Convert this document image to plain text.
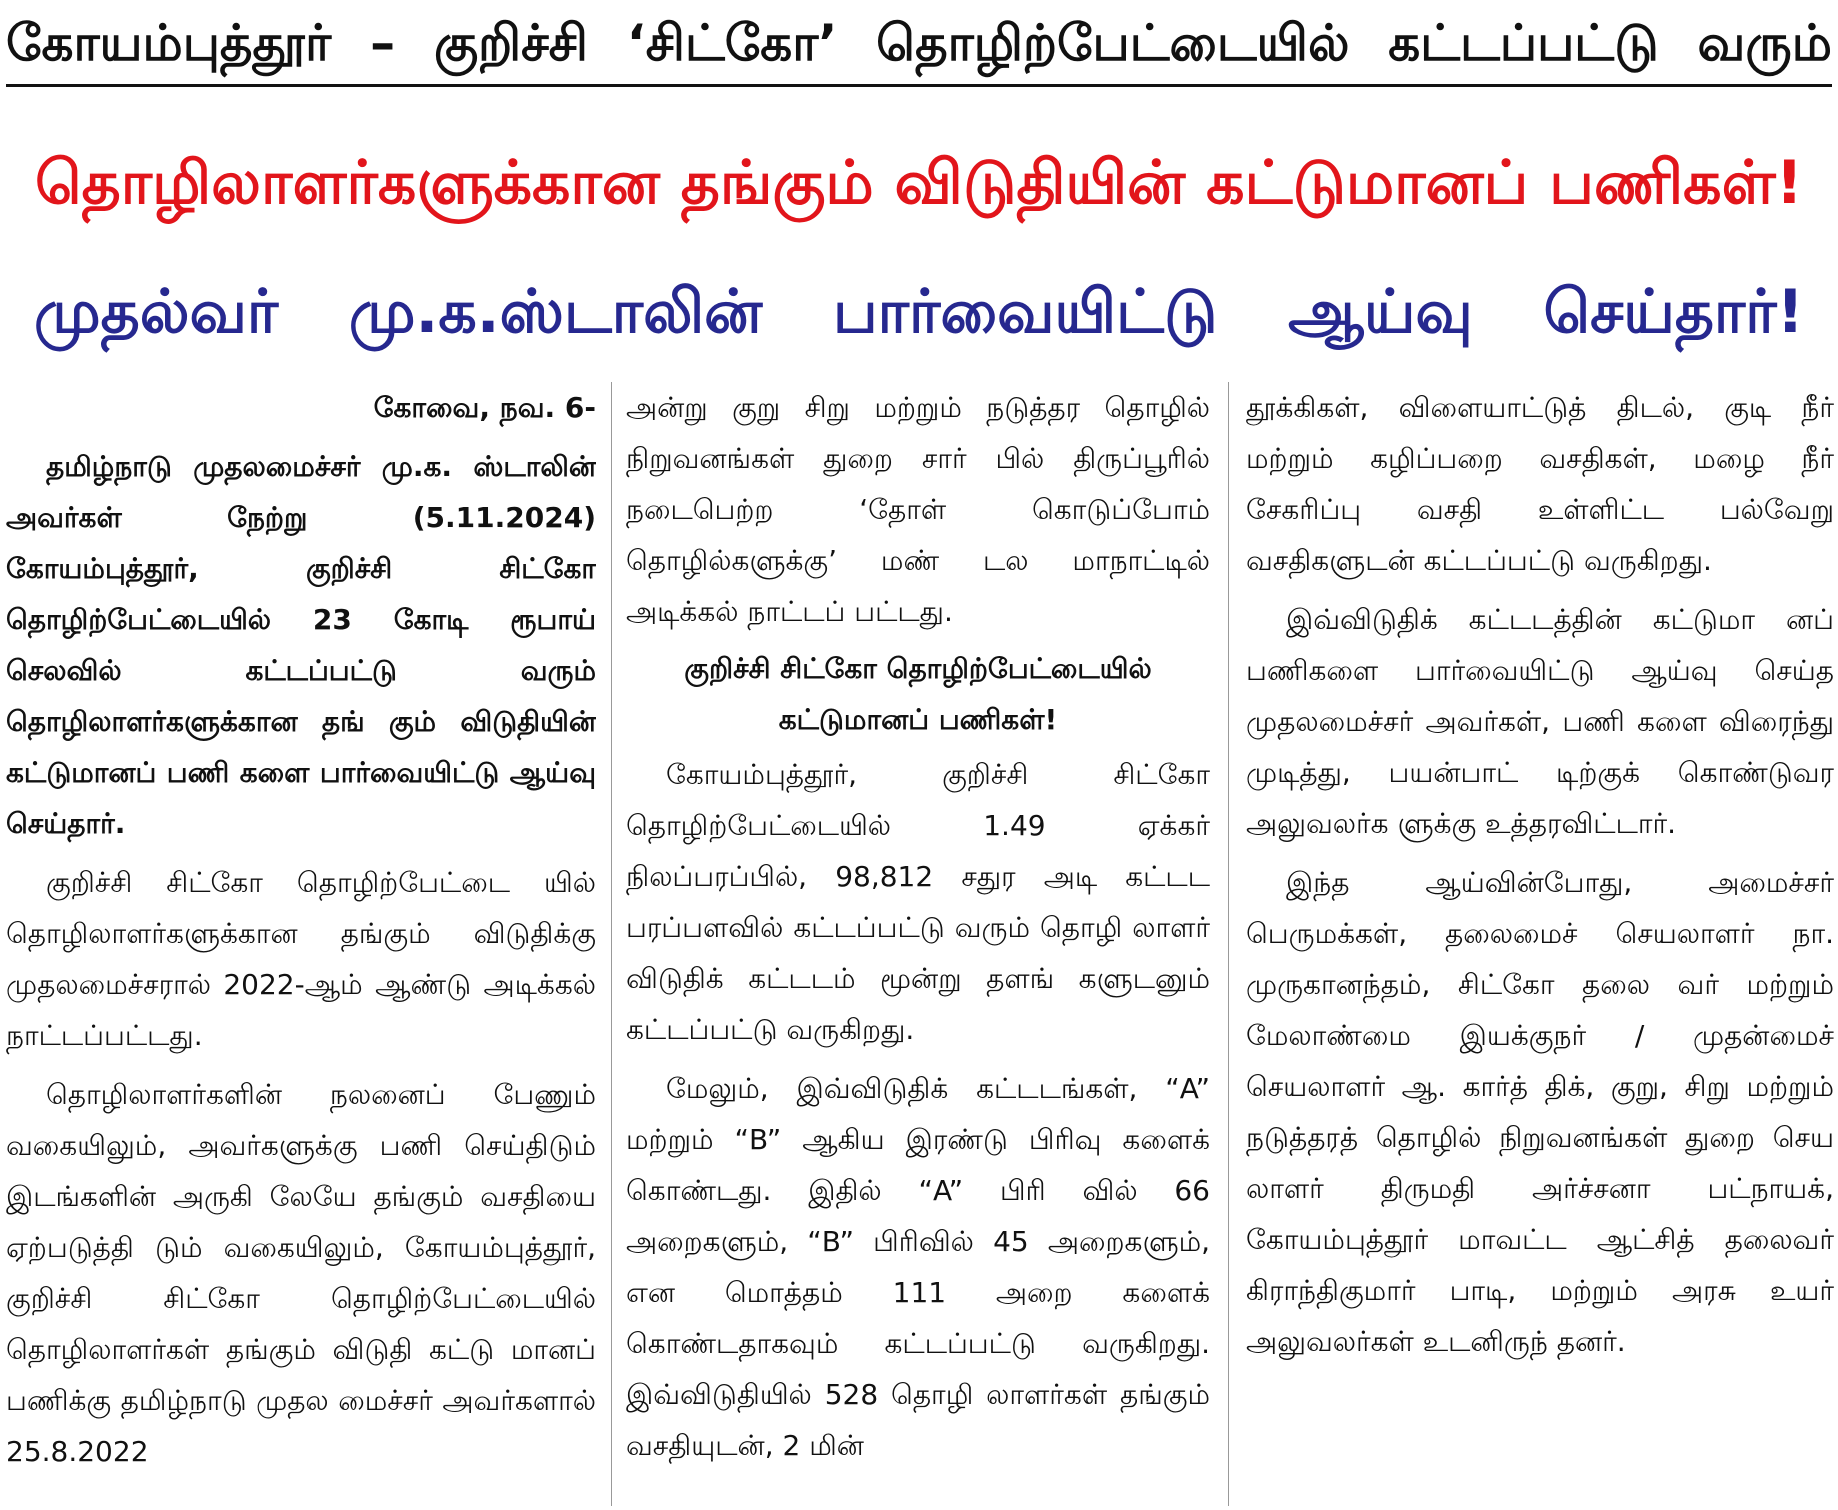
கோயம்புத்தூர் – குறிச்சி ‘சிட்கோ’ தொழிற்பேட்டையில் கட்டப்பட்டு வரும்
தொழிலாளர்களுக்கான தங்கும் விடுதியின் கட்டுமானப் பணிகள்!
முதல்வர் மு.க.ஸ்டாலின் பார்வையிட்டு ஆய்வு செய்தார்!

கோவை, நவ. 6-

தமிழ்நாடு முதலமைச்சர் மு.க. ஸ்டாலின் அவர்கள் நேற்று (5.11.2024) கோயம்புத்தூர், குறிச்சி சிட்கோ தொழிற்பேட்டையில் 23 கோடி ரூபாய் செலவில் கட்டப்பட்டு வரும் தொழிலாளர்களுக்கான தங் கும் விடுதியின் கட்டுமானப் பணி களை பார்வையிட்டு ஆய்வு செய்தார்.

குறிச்சி சிட்கோ தொழிற்பேட்டை யில் தொழிலாளர்களுக்கான தங்கும் விடுதிக்கு முதலமைச்சரால் 2022-ஆம் ஆண்டு அடிக்கல் நாட்டப்பட்டது.

தொழிலாளர்களின் நலனைப் பேணும் வகையிலும், அவர்களுக்கு பணி செய்திடும் இடங்களின் அருகி லேயே தங்கும் வசதியை ஏற்படுத்தி டும் வகையிலும், கோயம்புத்தூர், குறிச்சி சிட்கோ தொழிற்பேட்டையில் தொழிலாளர்கள் தங்கும் விடுதி கட்டு மானப் பணிக்கு தமிழ்நாடு முதல மைச்சர் அவர்களால் 25.8.2022

அன்று குறு சிறு மற்றும் நடுத்தர தொழில் நிறுவனங்கள் துறை சார் பில் திருப்பூரில் நடைபெற்ற ‘தோள் கொடுப்போம் தொழில்களுக்கு’ மண் டல மாநாட்டில் அடிக்கல் நாட்டப் பட்டது.

குறிச்சி சிட்கோ தொழிற்பேட்டையில் கட்டுமானப் பணிகள்!

கோயம்புத்தூர், குறிச்சி சிட்கோ தொழிற்பேட்டையில் 1.49 ஏக்கர் நிலப்பரப்பில், 98,812 சதுர அடி கட்டட பரப்பளவில் கட்டப்பட்டு வரும் தொழி லாளர் விடுதிக் கட்டடம் மூன்று தளங் களுடனும் கட்டப்பட்டு வருகிறது.

மேலும், இவ்விடுதிக் கட்டடங்கள், “A” மற்றும் “B” ஆகிய இரண்டு பிரிவு களைக் கொண்டது. இதில் “A” பிரி வில் 66 அறைகளும், “B” பிரிவில் 45 அறைகளும், என மொத்தம் 111 அறை களைக் கொண்டதாகவும் கட்டப்பட்டு வருகிறது. இவ்விடுதியில் 528 தொழி லாளர்கள் தங்கும் வசதியுடன், 2 மின்

தூக்கிகள், விளையாட்டுத் திடல், குடி நீர் மற்றும் கழிப்பறை வசதிகள், மழை நீர் சேகரிப்பு வசதி உள்ளிட்ட பல்வேறு வசதிகளுடன் கட்டப்பட்டு வருகிறது.

இவ்விடுதிக் கட்டடத்தின் கட்டுமா னப் பணிகளை பார்வையிட்டு ஆய்வு செய்த முதலமைச்சர் அவர்கள், பணி களை விரைந்து முடித்து, பயன்பாட் டிற்குக் கொண்டுவர அலுவலர்க ளுக்கு உத்தரவிட்டார்.

இந்த ஆய்வின்போது, அமைச்சர் பெருமக்கள், தலைமைச் செயலாளர் நா. முருகானந்தம், சிட்கோ தலை வர் மற்றும் மேலாண்மை இயக்குநர் / முதன்மைச் செயலாளர் ஆ. கார்த் திக், குறு, சிறு மற்றும் நடுத்தரத் தொழில் நிறுவனங்கள் துறை செய லாளர் திருமதி அர்ச்சனா பட்நாயக், கோயம்புத்தூர் மாவட்ட ஆட்சித் தலைவர் கிராந்திகுமார் பாடி, மற்றும் அரசு உயர் அலுவலர்கள் உடனிருந் தனர்.
